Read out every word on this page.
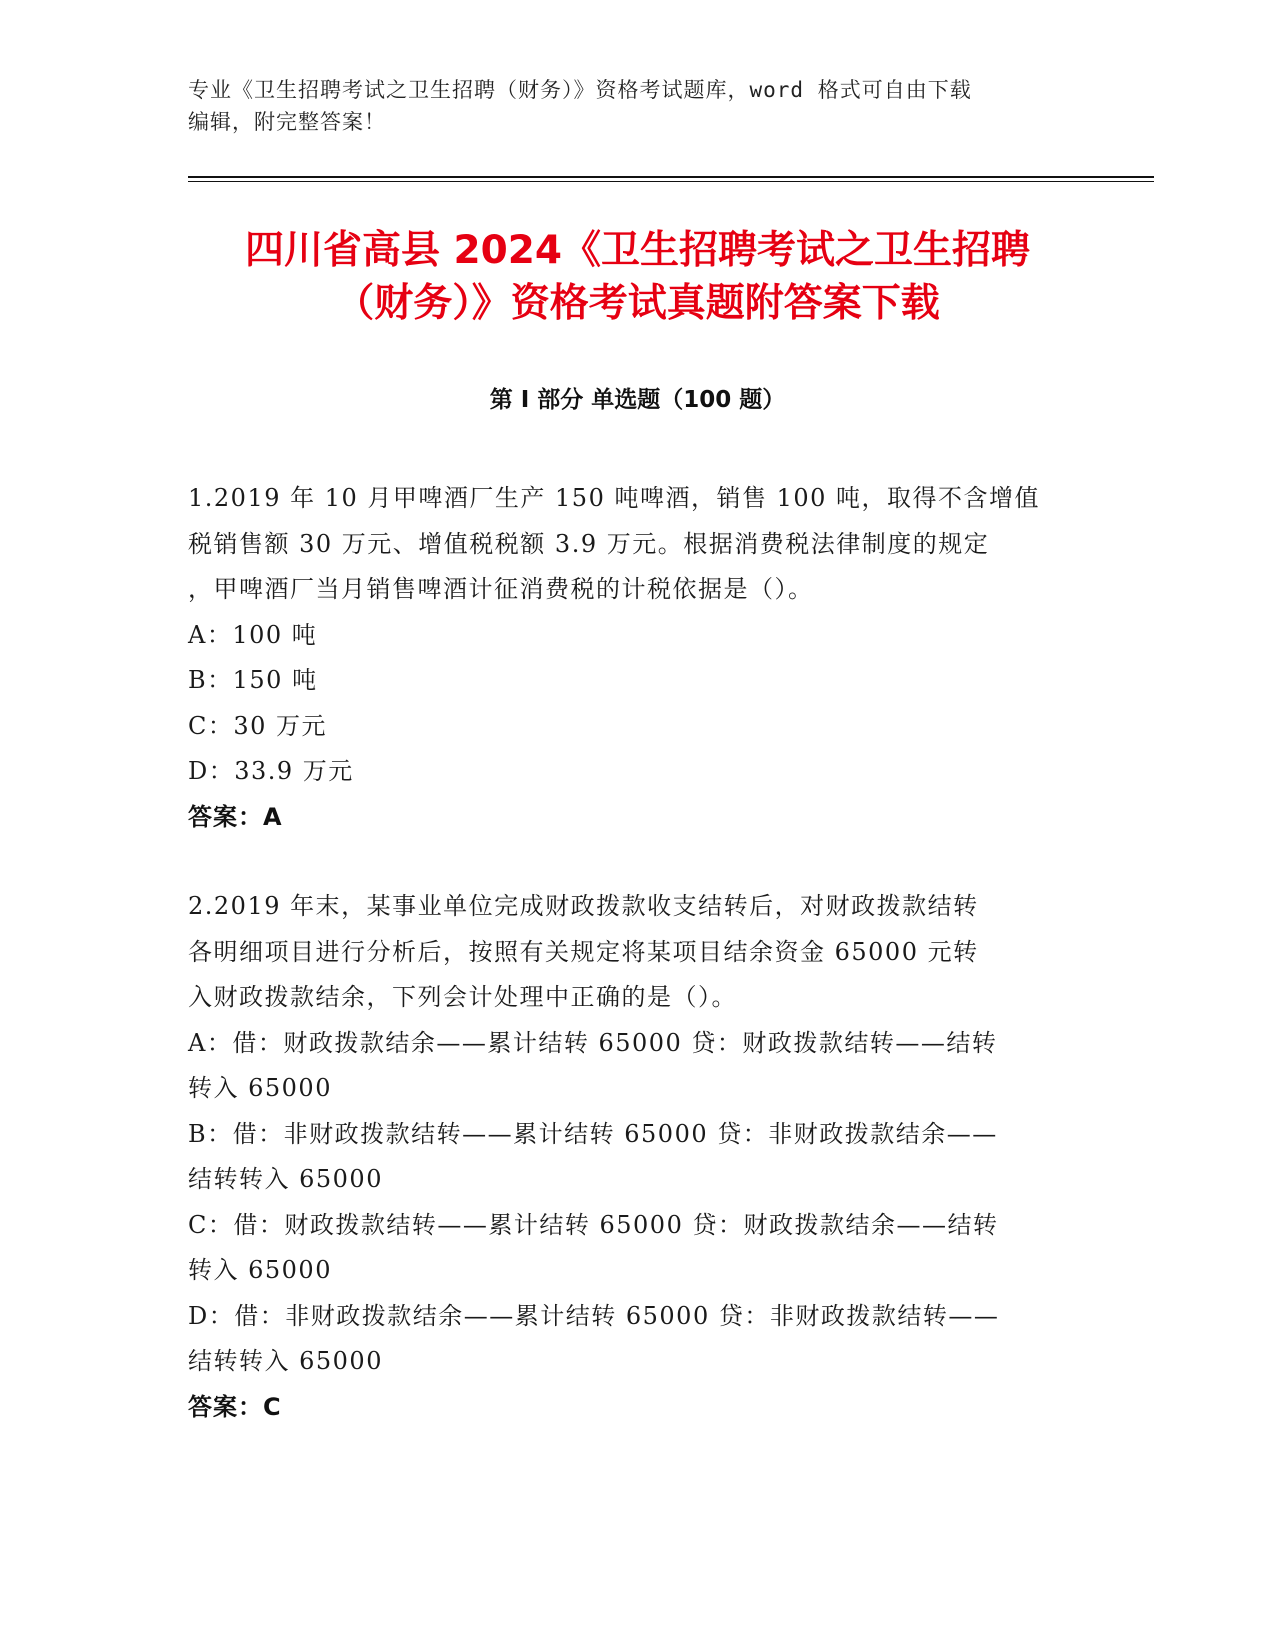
专业《卫生招聘考试之卫生招聘（财务）》资格考试题库，word 格式可自由下载
编辑，附完整答案！
四川省高县 2024《卫生招聘考试之卫生招聘
（财务）》资格考试真题附答案下载
第 I 部分 单选题（100 题）
1.2019 年 10 月甲啤酒厂生产 150 吨啤酒，销售 100 吨，取得不含增值
税销售额 30 万元、增值税税额 3.9 万元。根据消费税法律制度的规定
，甲啤酒厂当月销售啤酒计征消费税的计税依据是（）。
A：100 吨
B：150 吨
C：30 万元
D：33.9 万元
答案：A
2.2019 年末，某事业单位完成财政拨款收支结转后，对财政拨款结转
各明细项目进行分析后，按照有关规定将某项目结余资金 65000 元转
入财政拨款结余，下列会计处理中正确的是（）。
A：借：财政拨款结余——累计结转 65000 贷：财政拨款结转——结转
转入 65000
B：借：非财政拨款结转——累计结转 65000 贷：非财政拨款结余——
结转转入 65000
C：借：财政拨款结转——累计结转 65000 贷：财政拨款结余——结转
转入 65000
D：借：非财政拨款结余——累计结转 65000 贷：非财政拨款结转——
结转转入 65000
答案：C
